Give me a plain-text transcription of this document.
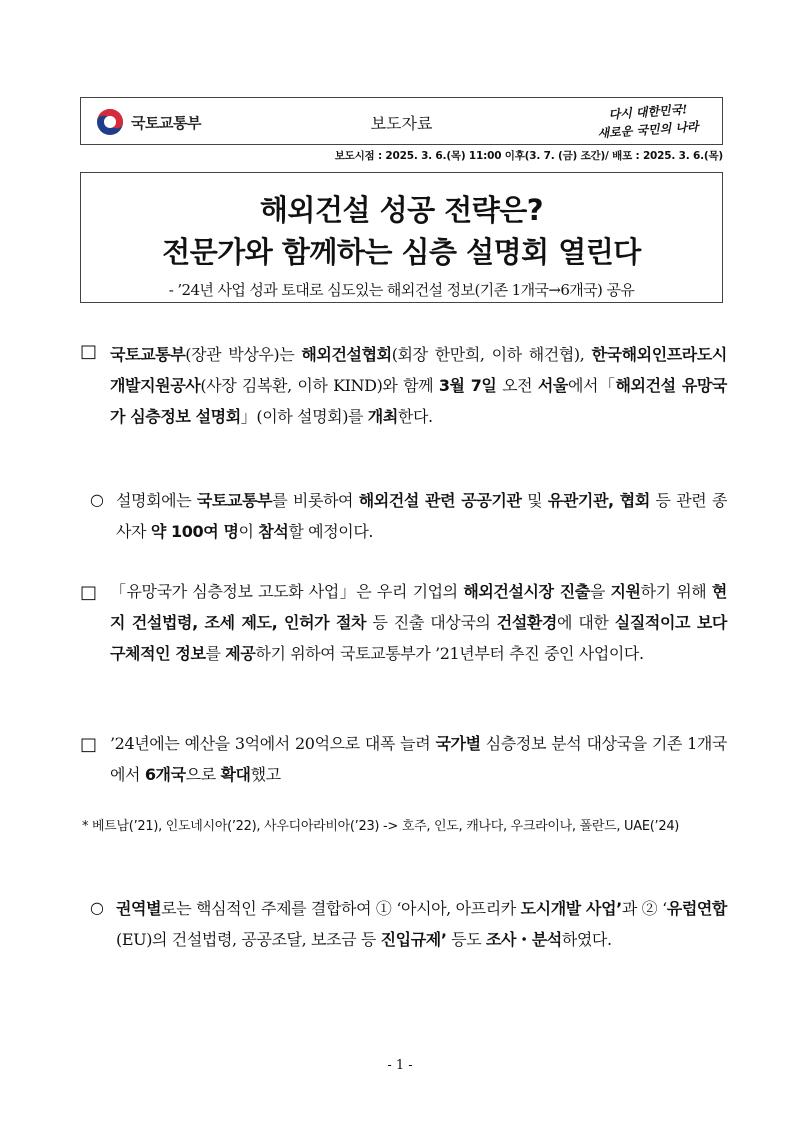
국토교통부	보도자료
다시 대한민국!
새로운 국민의 나라
보도시점 : 2025. 3. 6.(목) 11:00 이후(3. 7. (금) 조간)/ 배포 : 2025. 3. 6.(목)
해외건설 성공 전략은?
전문가와 함께하는 심층 설명회 열린다
- ’24년 사업 성과 토대로 심도있는 해외건설 정보(기존 1개국→6개국) 공유
□ 국토교통부(장관 박상우)는 해외건설협회(회장 한만희, 이하 해건협), 한국해외인프라도시개발지원공사(사장 김복환, 이하 KIND)와 함께 3월 7일 오전 서울에서「해외건설 유망국가 심층정보 설명회」(이하 설명회)를 개최한다.
○ 설명회에는 국토교통부를 비롯하여 해외건설 관련 공공기관 및 유관기관, 협회 등 관련 종사자 약 100여 명이 참석할 예정이다.
□ 「유망국가 심층정보 고도화 사업」은 우리 기업의 해외건설시장 진출을 지원하기 위해 현지 건설법령, 조세 제도, 인허가 절차 등 진출 대상국의 건설환경에 대한 실질적이고 보다 구체적인 정보를 제공하기 위하여 국토교통부가 ’21년부터 추진 중인 사업이다.
□ ’24년에는 예산을 3억에서 20억으로 대폭 늘려 국가별 심층정보 분석 대상국을 기존 1개국에서 6개국으로 확대했고
* 베트남(’21), 인도네시아(’22), 사우디아라비아(’23) -> 호주, 인도, 캐나다, 우크라이나, 폴란드, UAE(’24)
○ 권역별로는 핵심적인 주제를 결합하여 ① ‘아시아, 아프리카 도시개발 사업’과 ② ‘유럽연합(EU)의 건설법령, 공공조달, 보조금 등 진입규제’ 등도 조사・분석하였다.
- 1 -
